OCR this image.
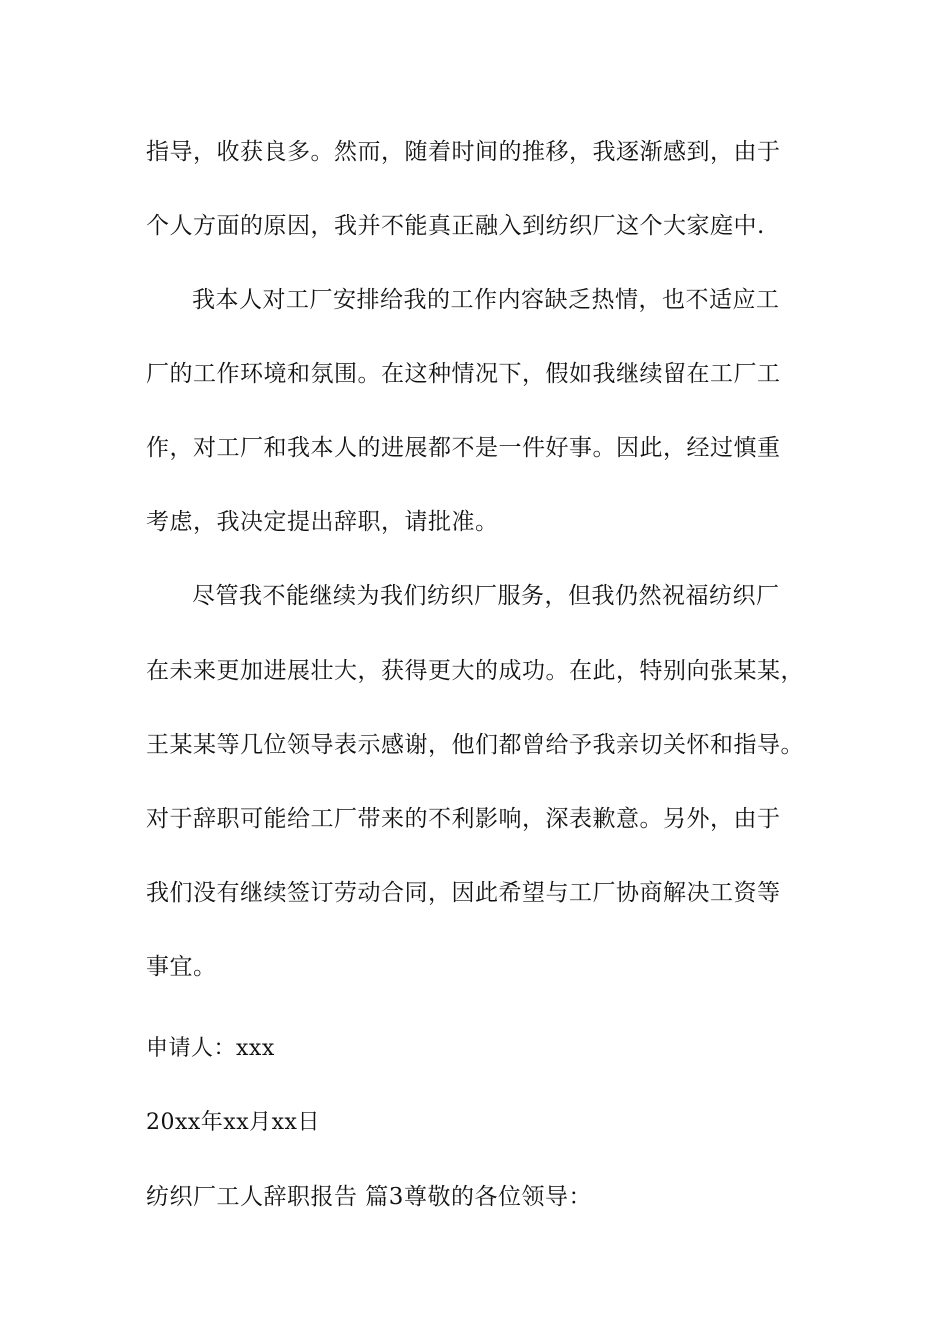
指导，收获良多。然而，随着时间的推移，我逐渐感到，由于
个人方面的原因，我并不能真正融入到纺织厂这个大家庭中.
我本人对工厂安排给我的工作内容缺乏热情，也不适应工
厂的工作环境和氛围。在这种情况下，假如我继续留在工厂工
作，对工厂和我本人的进展都不是一件好事。因此，经过慎重
考虑，我决定提出辞职，请批准。
尽管我不能继续为我们纺织厂服务，但我仍然祝福纺织厂
在未来更加进展壮大，获得更大的成功。在此，特别向张某某，
王某某等几位领导表示感谢，他们都曾给予我亲切关怀和指导。
对于辞职可能给工厂带来的不利影响，深表歉意。另外，由于
我们没有继续签订劳动合同，因此希望与工厂协商解决工资等
事宜。
申请人：xxx
20xx年xx月xx日
纺织厂工人辞职报告 篇3尊敬的各位领导：
